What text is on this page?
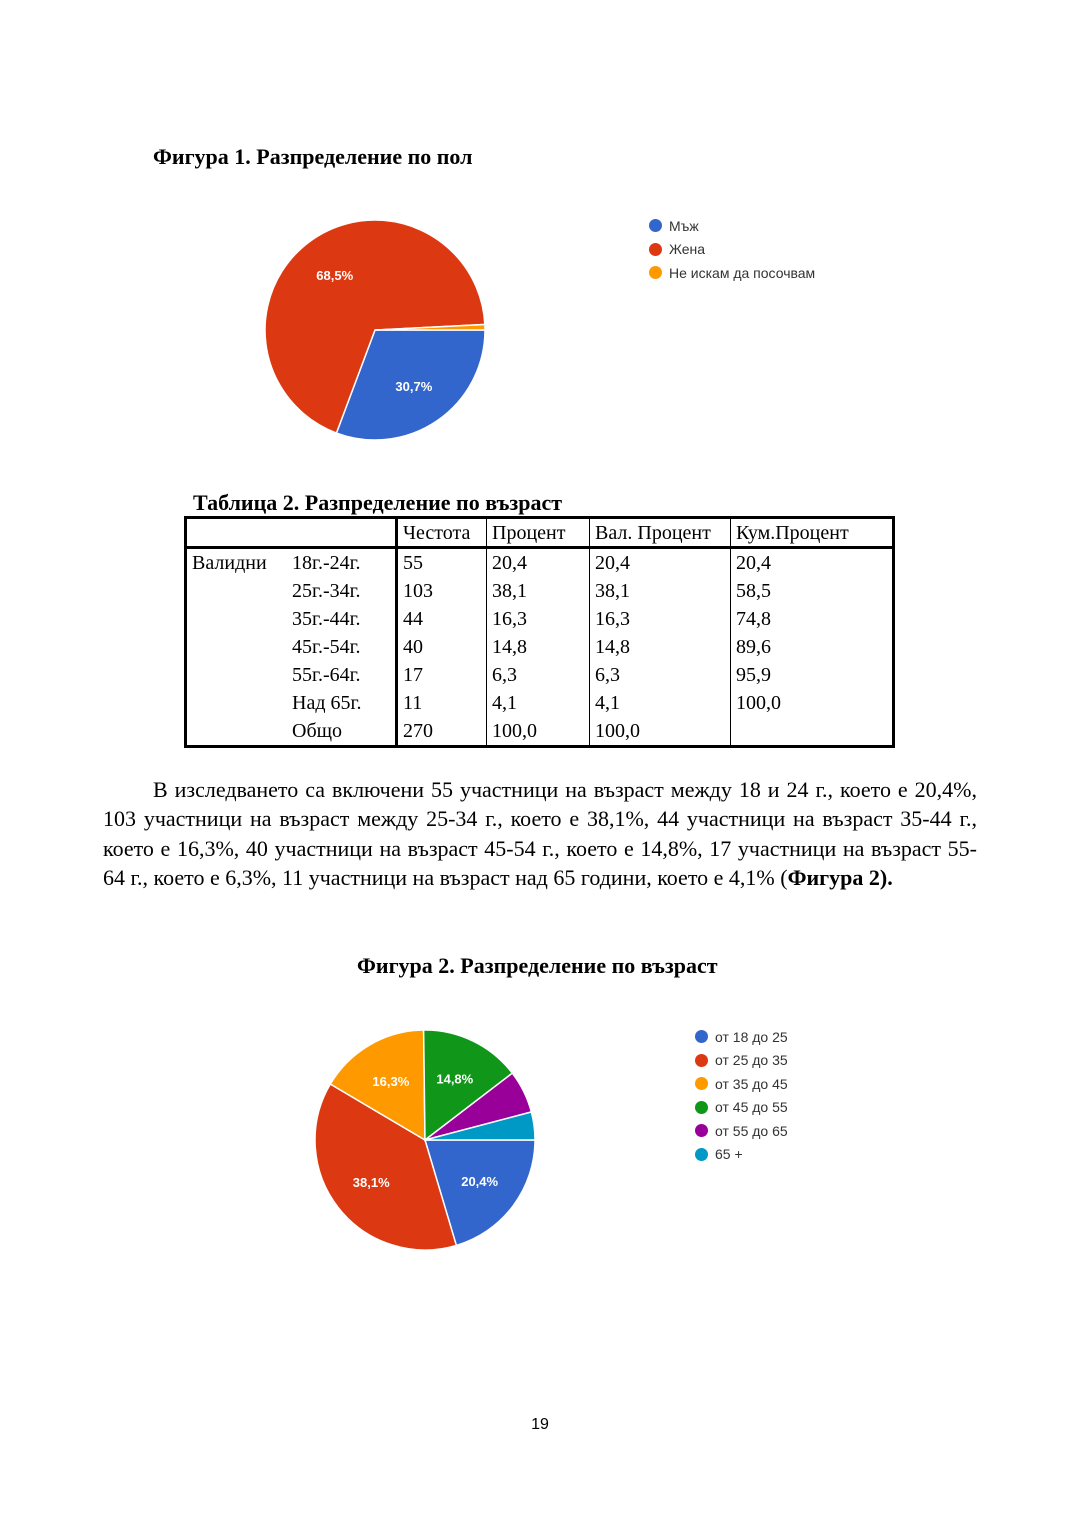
Фигура 1. Разпределение по пол
30,7%
68,5%
Мъж
Жена
Не искам да посочвам
Таблица 2. Разпределение по възраст
		Честота	Процент	Вал. Процент	Кум.Процент
Валидни	18г.-24г.	55	20,4	20,4	20,4
	25г.-34г.	103	38,1	38,1	58,5
	35г.-44г.	44	16,3	16,3	74,8
	45г.-54г.	40	14,8	14,8	89,6
	55г.-64г.	17	6,3	6,3	95,9
	Над 65г.	11	4,1	4,1	100,0
	Общо	270	100,0	100,0	

В изследването са включени 55 участници на възраст между 18 и 24 г., което е 20,4%, 103 участници на възраст между 25-34 г., което е 38,1%, 44 участници на възраст 35-44 г., което е 16,3%, 40 участници на възраст 45-54 г., което е 14,8%, 17 участници на възраст 55-64 г., което е 6,3%, 11 участници на възраст над 65 години, което е 4,1% (Фигура 2).

Фигура 2. Разпределение по възраст
20,4%
38,1%
16,3% 14,8%
от 18 до 25
от 25 до 35
от 35 до 45
от 45 до 55
от 55 до 65
65 +
19
